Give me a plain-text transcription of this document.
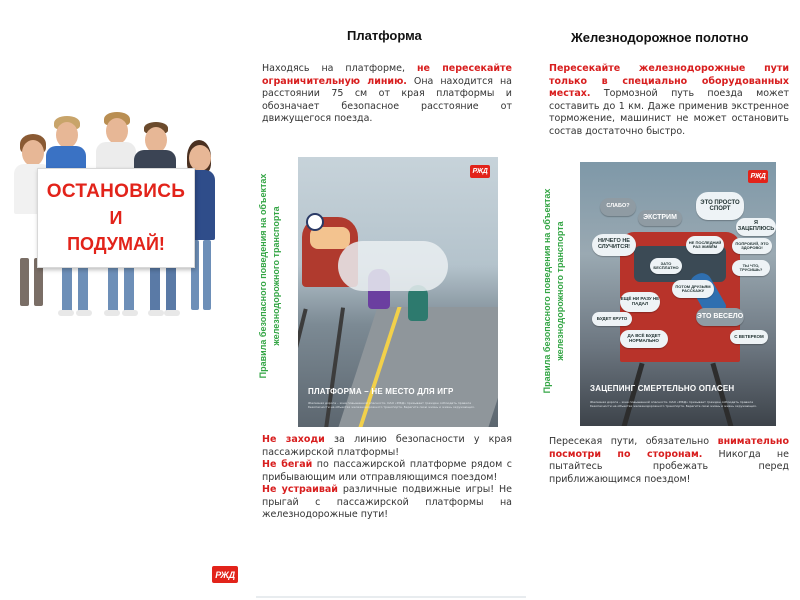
ОСТАНОВИСЬ
И
ПОДУМАЙ!
РЖД
Платформа

Находясь на платформе, не пересекайте ограничительную линию. Она находится на расстоянии 75 см от края платформы и обозначает безопасное расстояние от движущегося поезда.

Правила безопасного поведения на объектах железнодорожного транспорта
РЖД
ПЛАТФОРМА – НЕ МЕСТО ДЛЯ ИГР
Железная дорога – зона повышенной опасности. ОАО «РЖД» призывает граждан соблюдать правила безопасности на объектах железнодорожного транспорта. Берегите свою жизнь и жизнь окружающих.

Не заходи за линию безопасности у края пассажирской платформы!

Не бегай по пассажирской платформе рядом с прибывающим или отправляющимся поездом!

Не устраивай различные подвижные игры! Не прыгай с пассажирской платформы на железнодорожные пути!

Железнодорожное полотно

Пересекайте железнодорожные пути только в специально оборудованных местах. Тормозной путь поезда может составить до 1 км. Даже применив экстренное торможение, машинист не может остановить состав достаточно быстро.

Правила безопасного поведения на объектах железнодорожного транспорта
СЛАБО?
ЭТО ПРОСТО СПОРТ
ЭКСТРИМ
НИЧЕГО НЕ СЛУЧИТСЯ!
Я ЗАЦЕПЛЮСЬ
НЕ ПОСЛЕДНИЙ РАЗ ЖИВЁМ
ПОПРОБУЙ, ЭТО ЗДОРОВО!
ЗАТО БЕСПЛАТНО	ТЫ ЧТО, ТРУСИШЬ?
ЕЩЁ НИ РАЗУ НЕ ПАДАЛ
БУДЕТ КРУТО
ПОТОМ ДРУЗЬЯМ РАССКАЖУ
ЭТО ВЕСЕЛО
С ВЕТЕРКОМ
ДА ВСЁ БУДЕТ НОРМАЛЬНО
РЖД
ЗАЦЕПИНГ СМЕРТЕЛЬНО ОПАСЕН
Железная дорога – зона повышенной опасности. ОАО «РЖД» призывает граждан соблюдать правила безопасности на объектах железнодорожного транспорта. Берегите свою жизнь и жизнь окружающих.

Пересекая пути, обязательно внимательно посмотри по сторонам. Никогда не пытайтесь пробежать перед приближающимся поездом!
